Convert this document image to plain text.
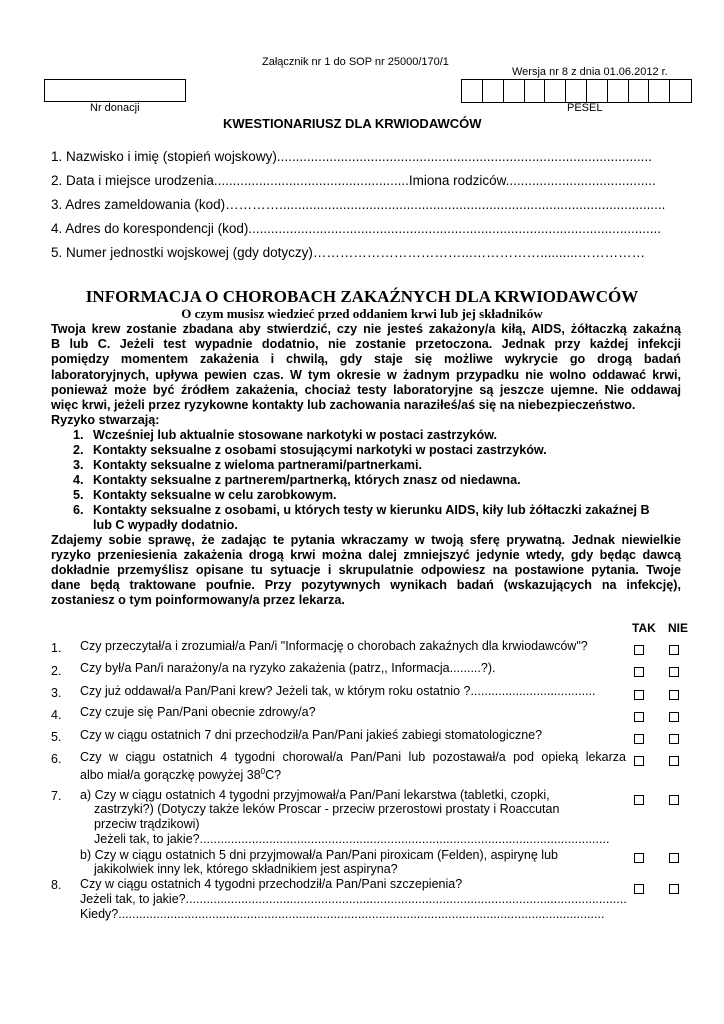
Załącznik nr 1 do SOP nr 25000/170/1
Wersja nr 8 z dnia 01.06.2012 r.
Nr donacji	PESEL
KWESTIONARIUSZ DLA KRWIODAWCÓW
1. Nazwisko i imię (stopień wojskowy)....................................................................................................
2. Data i miejsce urodzenia....................................................Imiona rodziców........................................
3. Adres zameldowania (kod)………….......................................................................................................
4. Adres do korespondencji (kod)..............................................................................................................
5. Numer jednostki wojskowej (gdy dotyczy)……………………………...……………..........……………
INFORMACJA O CHOROBACH ZAKAŹNYCH DLA KRWIODAWCÓW
O czym musisz wiedzieć przed oddaniem krwi lub jej składników
Twoja krew zostanie zbadana aby stwierdzić, czy nie jesteś zakażony/a kiłą, AIDS, żółtaczką zakaźną
B lub C. Jeżeli test wypadnie dodatnio, nie zostanie przetoczona. Jednak przy każdej infekcji
pomiędzy momentem zakażenia i chwilą, gdy staje się możliwe wykrycie go drogą badań
laboratoryjnych, upływa pewien czas. W tym okresie w żadnym przypadku nie wolno oddawać krwi,
ponieważ może być źródłem zakażenia, chociaż testy laboratoryjne są jeszcze ujemne. Nie oddawaj
więc krwi, jeżeli przez ryzykowne kontakty lub zachowania naraziłeś/aś się na niebezpieczeństwo.
Ryzyko stwarzają:
1. Wcześniej lub aktualnie stosowane narkotyki w postaci zastrzyków.
2. Kontakty seksualne z osobami stosującymi narkotyki w postaci zastrzyków.
3. Kontakty seksualne z wieloma partnerami/partnerkami.
4. Kontakty seksualne z partnerem/partnerką, których znasz od niedawna.
5. Kontakty seksualne w celu zarobkowym.
6. Kontakty seksualne z osobami, u których testy w kierunku AIDS, kiły lub żółtaczki zakaźnej B
lub C wypadły dodatnio.
Zdajemy sobie sprawę, że zadając te pytania wkraczamy w twoją sferę prywatną. Jednak niewielkie
ryzyko przeniesienia zakażenia drogą krwi można dalej zmniejszyć jedynie wtedy, gdy będąc dawcą
dokładnie przemyślisz opisane tu sytuacje i skrupulatnie odpowiesz na postawione pytania. Twoje
dane będą traktowane poufnie. Przy pozytywnych wynikach badań (wskazujących na infekcję),
zostaniesz o tym poinformowany/a przez lekarza.
TAK NIE
1. Czy przeczytał/a i zrozumiał/a Pan/i "Informację o chorobach zakaźnych dla krwiodawców"?
2. Czy był/a Pan/i narażony/a na ryzyko zakażenia (patrz,, Informacja.........?).
3. Czy już oddawał/a Pan/Pani krew? Jeżeli tak, w którym roku ostatnio ?....................................
4. Czy czuje się Pan/Pani obecnie zdrowy/a?
5. Czy w ciągu ostatnich 7 dni przechodził/a Pan/Pani jakieś zabiegi stomatologiczne?
6. Czy w ciągu ostatnich 4 tygodni chorował/a Pan/Pani lub pozostawał/a pod opieką lekarza
albo miał/a gorączkę powyżej $38^0C$?
7. a) Czy w ciągu ostatnich 4 tygodni przyjmował/a Pan/Pani lekarstwa (tabletki, czopki,
zastrzyki?) (Dotyczy także leków Proscar - przeciw przerostowi prostaty i Roaccutan
przeciw trądzikowi)
Jeżeli tak, to jakie?......................................................................................................................
b) Czy w ciągu ostatnich 5 dni przyjmował/a Pan/Pani piroxicam (Felden), aspirynę lub
jakikolwiek inny lek, którego składnikiem jest aspiryna?
8. Czy w ciągu ostatnich 4 tygodni przechodził/a Pan/Pani szczepienia?
Jeżeli tak, to jakie?...............................................................................................................................
Kiedy?............................................................................................................................................
